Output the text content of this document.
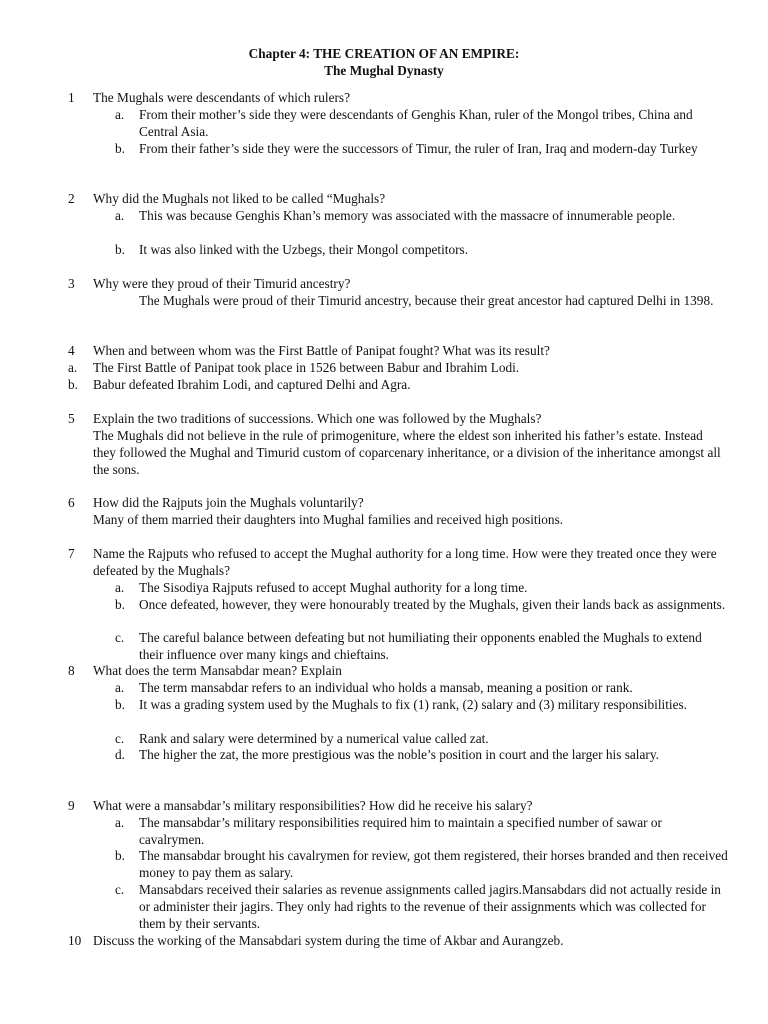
Chapter 4: THE CREATION OF AN EMPIRE:
The Mughal Dynasty
1	The Mughals were descendants of which rulers?
a.	From their mother’s side they were descendants of Genghis Khan, ruler of the Mongol tribes, China and Central Asia.
b.	From their father’s side they were the successors of Timur, the ruler of Iran, Iraq and modern-day Turkey
2	Why did the Mughals not liked to be called “Mughals?
a.	This was because Genghis Khan’s memory was associated with the massacre of innumerable people.
b.	It was also linked with the Uzbegs, their Mongol competitors.
3	Why were they proud of their Timurid ancestry?
The Mughals were proud of their Timurid ancestry, because their great ancestor had captured Delhi in 1398.
4	When and between whom was the First Battle of Panipat fought? What was its result?
a.	The First Battle of Panipat took place in 1526 between Babur and Ibrahim Lodi.
b.	Babur defeated Ibrahim Lodi, and captured Delhi and Agra.
5	Explain the two traditions of successions. Which one was followed by the Mughals?
The Mughals did not believe in the rule of primogeniture, where the eldest son inherited his father’s estate. Instead they followed the Mughal and Timurid custom of coparcenary inheritance, or a division of the inheritance amongst all the sons.
6	How did the Rajputs join the Mughals voluntarily?
Many of them married their daughters into Mughal families and received high positions.
7	Name the Rajputs who refused to accept the Mughal authority for a long time. How were they treated once they were defeated by the Mughals?
a.	The Sisodiya Rajputs refused to accept Mughal authority for a long time.
b.	Once defeated, however, they were honourably treated by the Mughals, given their lands back as assignments.
c.	The careful balance between defeating but not humiliating their opponents enabled the Mughals to extend their influence over many kings and chieftains.
8	What does the term Mansabdar mean? Explain
a.	The term mansabdar refers to an individual who holds a mansab, meaning a position or rank.
b.	It was a grading system used by the Mughals to fix (1) rank, (2) salary and (3) military responsibilities.
c.	Rank and salary were determined by a numerical value called zat.
d.	The higher the zat, the more prestigious was the noble’s position in court and the larger his salary.
9	What were a mansabdar’s military responsibilities? How did he receive his salary?
a.	The mansabdar’s military responsibilities required him to maintain a specified number of sawar or cavalrymen.
b.	The mansabdar brought his cavalrymen for review, got them registered, their horses branded and then received money to pay them as salary.
c.	Mansabdars received their salaries as revenue assignments called jagirs.Mansabdars did not actually reside in or administer their jagirs. They only had rights to the revenue of their assignments which was collected for them by their servants.
10 Discuss the working of the Mansabdari system during the time of Akbar and Aurangzeb.
